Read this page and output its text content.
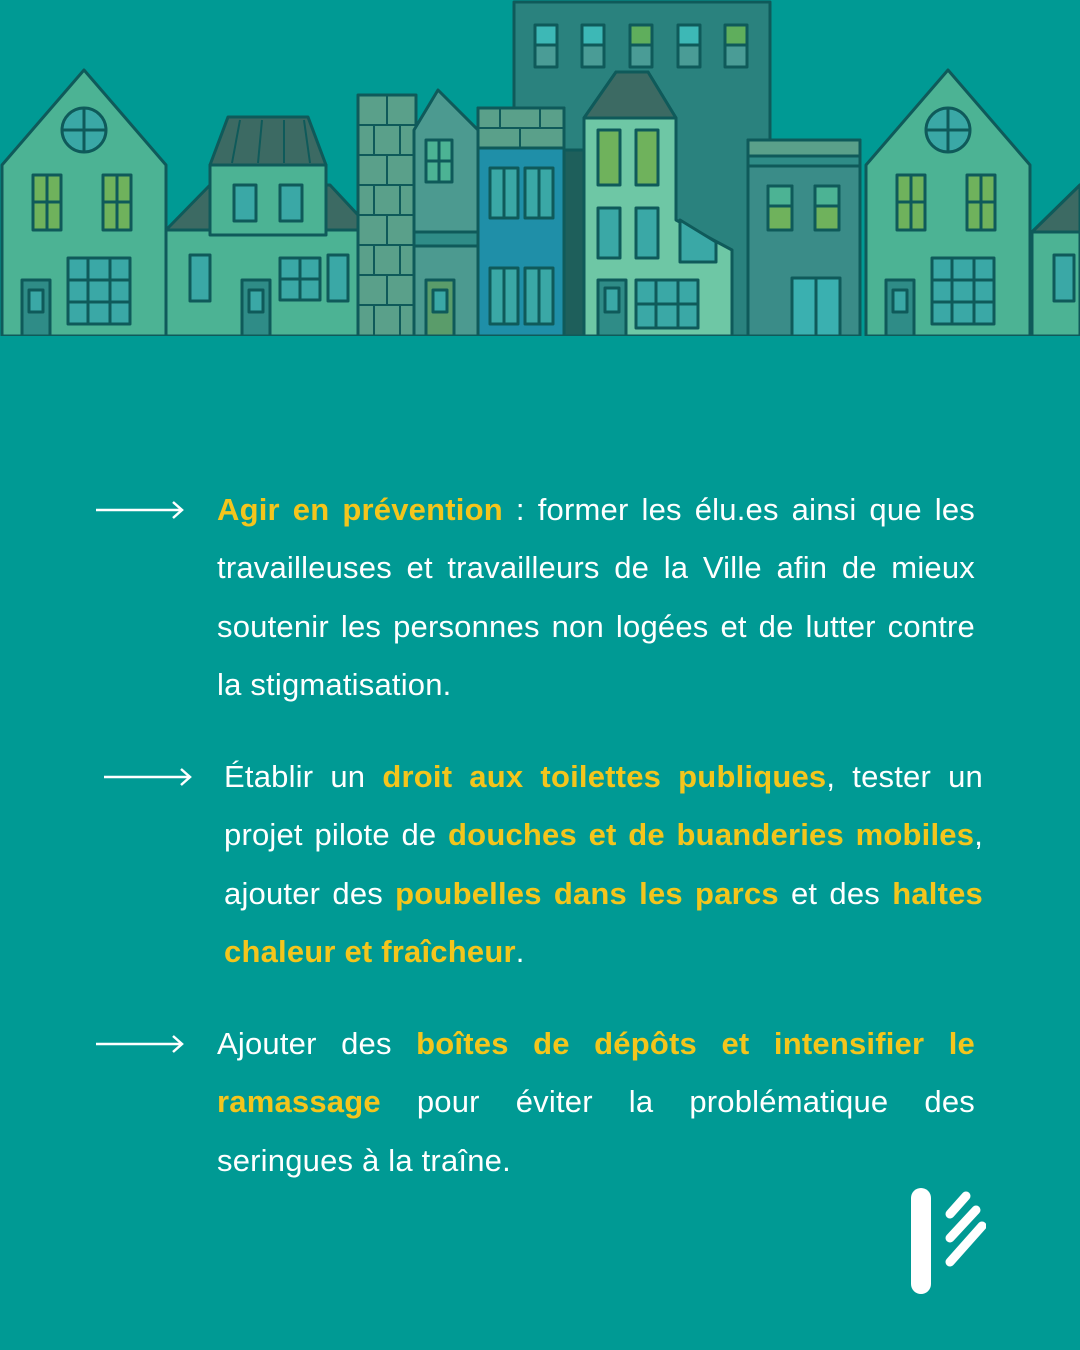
Agir en prévention : former les élu.es ainsi que les travailleuses et travailleurs de la Ville afin de mieux soutenir les personnes non logées et de lutter contre la stigmatisation.
Établir un droit aux toilettes publiques, tester un projet pilote de douches et de buanderies mobiles, ajouter des poubelles dans les parcs et des haltes chaleur et fraîcheur.
Ajouter des boîtes de dépôts et intensifier le ramassage pour éviter la problématique des seringues à la traîne.
